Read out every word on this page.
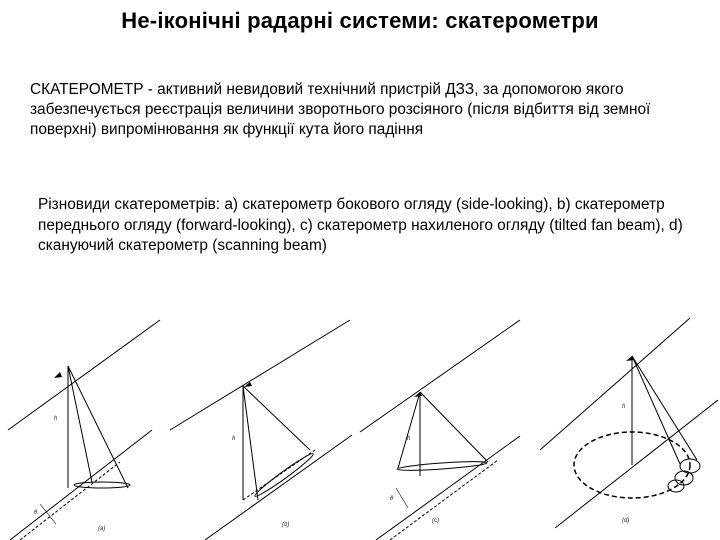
Не-іконічні радарні системи: скатерометри
СКАТЕРОМЕТР - активний невидовий технічний пристрій ДЗЗ, за допомогою якого забезпечується реєстрація величини зворотнього розсіяного (після відбиття від земної поверхні) випромінювання як функції кута його падіння
Різновиди скатерометрів: a) скатерометр бокового огляду (side-looking), b) скатерометр переднього огляду (forward-looking), c) скатерометр нахиленого огляду (tilted fan beam), d) скануючий скатерометр (scanning beam)
h
θ
(a)
h
(b)
h
θ
(c)
h
(d)
